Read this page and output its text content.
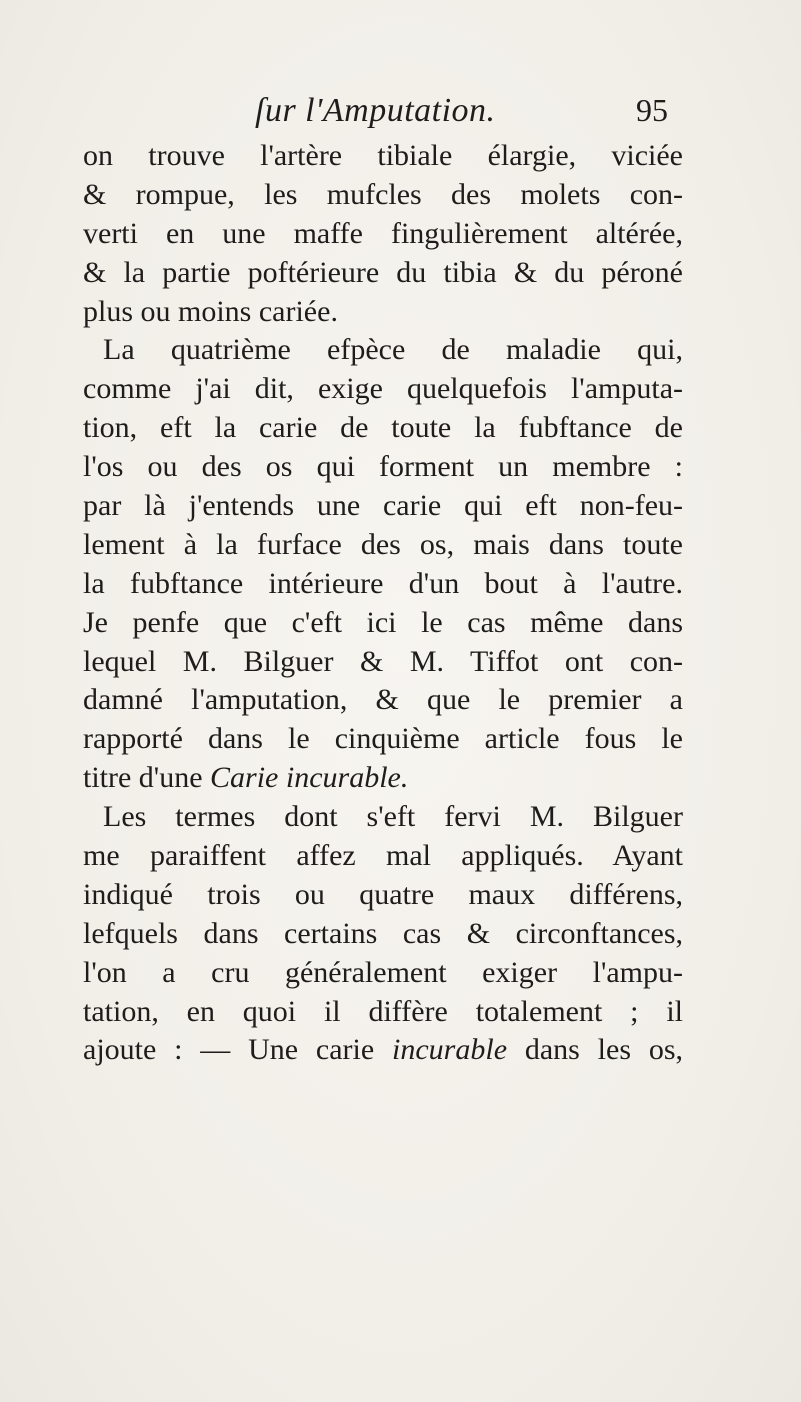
ſur l'Amputation.	95
on trouve l'artère tibiale élargie, viciée
& rompue, les mufcles des molets con-
verti en une maffe fingulièrement altérée,
& la partie poftérieure du tibia & du péroné
plus ou moins cariée.
La quatrième efpèce de maladie qui,
comme j'ai dit, exige quelquefois l'amputa-
tion, eft la carie de toute la fubftance de
l'os ou des os qui forment un membre :
par là j'entends une carie qui eft non-feu-
lement à la furface des os, mais dans toute
la fubftance intérieure d'un bout à l'autre.
Je penfe que c'eft ici le cas même dans
lequel M. Bilguer & M. Tiffot ont con-
damné l'amputation, & que le premier a
rapporté dans le cinquième article fous le
titre d'une Carie incurable.
Les termes dont s'eft fervi M. Bilguer
me paraiffent affez mal appliqués. Ayant
indiqué trois ou quatre maux différens,
lefquels dans certains cas & circonftances,
l'on a cru généralement exiger l'ampu-
tation, en quoi il diffère totalement ; il
ajoute : — Une carie incurable dans les os,
